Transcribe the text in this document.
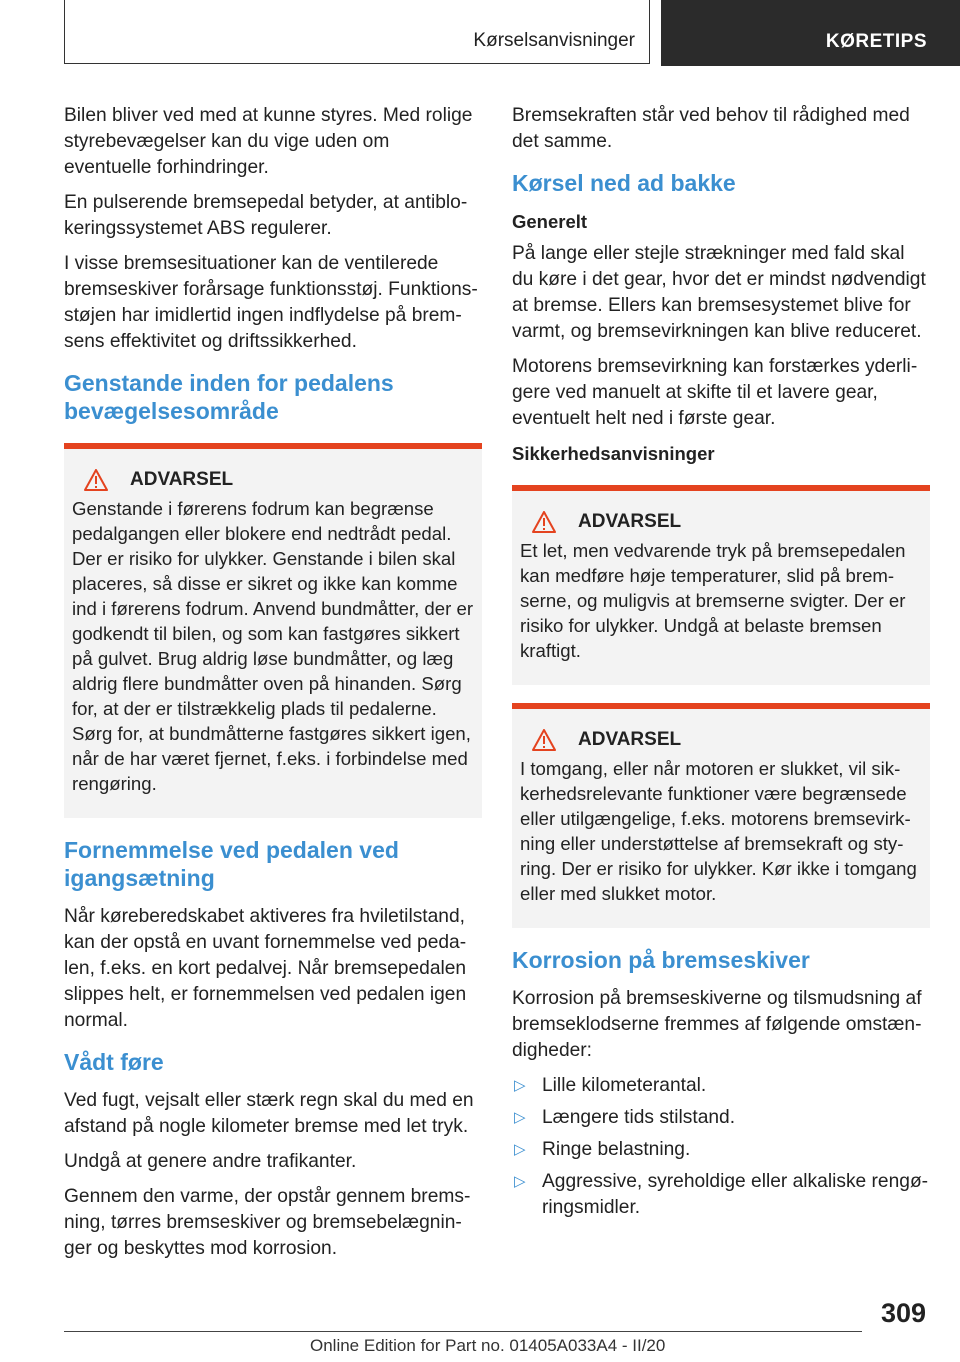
Kørselsanvisninger	KØRETIPS

Bilen bliver ved med at kunne styres. Med rolige styrebevægelser kan du vige uden om eventuelle forhindringer.

En pulserende bremsepedal betyder, at antiblokeringssystemet ABS regulerer.

I visse bremsesituationer kan de ventilerede bremseskiver forårsage funktionsstøj. Funktionsstøjen har imidlertid ingen indflydelse på bremsens effektivitet og driftssikkerhed.

Genstande inden for pedalens bevægelsesområde
ADVARSEL
Genstande i førerens fodrum kan begrænse pedalgangen eller blokere end nedtrådt pedal. Der er risiko for ulykker. Genstande i bilen skal placeres, så disse er sikret og ikke kan komme ind i førerens fodrum. Anvend bundmåtter, der er godkendt til bilen, og som kan fastgøres sikkert på gulvet. Brug aldrig løse bundmåtter, og læg aldrig flere bundmåtter oven på hinanden. Sørg for, at der er tilstrækkelig plads til pedalerne. Sørg for, at bundmåtterne fastgøres sikkert igen, når de har været fjernet, f.eks. i forbindelse med rengøring.
Fornemmelse ved pedalen ved igangsætning

Når køreberedskabet aktiveres fra hviletilstand, kan der opstå en uvant fornemmelse ved pedalen, f.eks. en kort pedalvej. Når bremsepedalen slippes helt, er fornemmelsen ved pedalen igen normal.

Vådt føre

Ved fugt, vejsalt eller stærk regn skal du med en afstand på nogle kilometer bremse med let tryk.

Undgå at genere andre trafikanter.

Gennem den varme, der opstår gennem bremsning, tørres bremseskiver og bremsebelægninger og beskyttes mod korrosion.

Bremsekraften står ved behov til rådighed med det samme.

Kørsel ned ad bakke
Generelt

På lange eller stejle strækninger med fald skal du køre i det gear, hvor det er mindst nødvendigt at bremse. Ellers kan bremsesystemet blive for varmt, og bremsevirkningen kan blive reduceret.

Motorens bremsevirkning kan forstærkes yderligere ved manuelt at skifte til et lavere gear, eventuelt helt ned i første gear.

Sikkerhedsanvisninger
ADVARSEL
Et let, men vedvarende tryk på bremsepedalen kan medføre høje temperaturer, slid på bremserne, og muligvis at bremserne svigter. Der er risiko for ulykker. Undgå at belaste bremsen kraftigt.
ADVARSEL
I tomgang, eller når motoren er slukket, vil sikkerhedsrelevante funktioner være begrænsede eller utilgængelige, f.eks. motorens bremsevirkning eller understøttelse af bremsekraft og styring. Der er risiko for ulykker. Kør ikke i tomgang eller med slukket motor.
Korrosion på bremseskiver

Korrosion på bremseskiverne og tilsmudsning af bremseklodserne fremmes af følgende omstændigheder:

▷ Lille kilometerantal.
▷ Længere tids stilstand.
▷ Ringe belastning.
▷ Aggressive, syreholdige eller alkaliske rengøringsmidler.
309
Online Edition for Part no. 01405A033A4 - II/20
